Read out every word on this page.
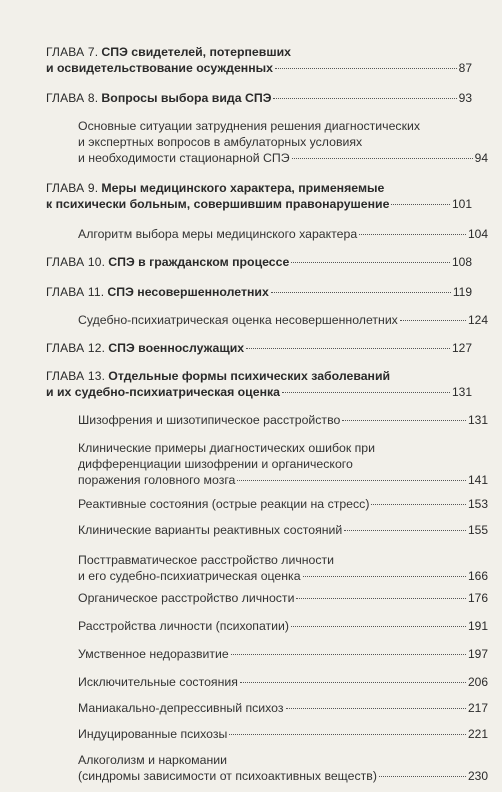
ГЛАВА 7. СПЭ свидетелей, потерпевших
и освидетельствование осужденных	87
ГЛАВА 8. Вопросы выбора вида СПЭ	93
Основные ситуации затруднения решения диагностических
и экспертных вопросов в амбулаторных условиях
и необходимости стационарной СПЭ	94
ГЛАВА 9. Меры медицинского характера, применяемые
к психически больным, совершившим правонарушение	101
Алгоритм выбора меры медицинского характера	104
ГЛАВА 10. СПЭ в гражданском процессе	108
ГЛАВА 11. СПЭ несовершеннолетних	119
Судебно-психиатрическая оценка несовершеннолетних	124
ГЛАВА 12. СПЭ военнослужащих	127
ГЛАВА 13. Отдельные формы психических заболеваний
и их судебно-психиатрическая оценка	131
Шизофрения и шизотипическое расстройство	131
Клинические примеры диагностических ошибок при
дифференциации шизофрении и органического
поражения головного мозга	141
Реактивные состояния (острые реакции на стресс)	153
Клинические варианты реактивных состояний	155
Посттравматическое расстройство личности
и его судебно-психиатрическая оценка	166
Органическое расстройство личности	176
Расстройства личности (психопатии)	191
Умственное недоразвитие	197
Исключительные состояния	206
Маниакально-депрессивный психоз	217
Индуцированные психозы	221
Алкоголизм и наркомании
(синдромы зависимости от психоактивных веществ)	230
